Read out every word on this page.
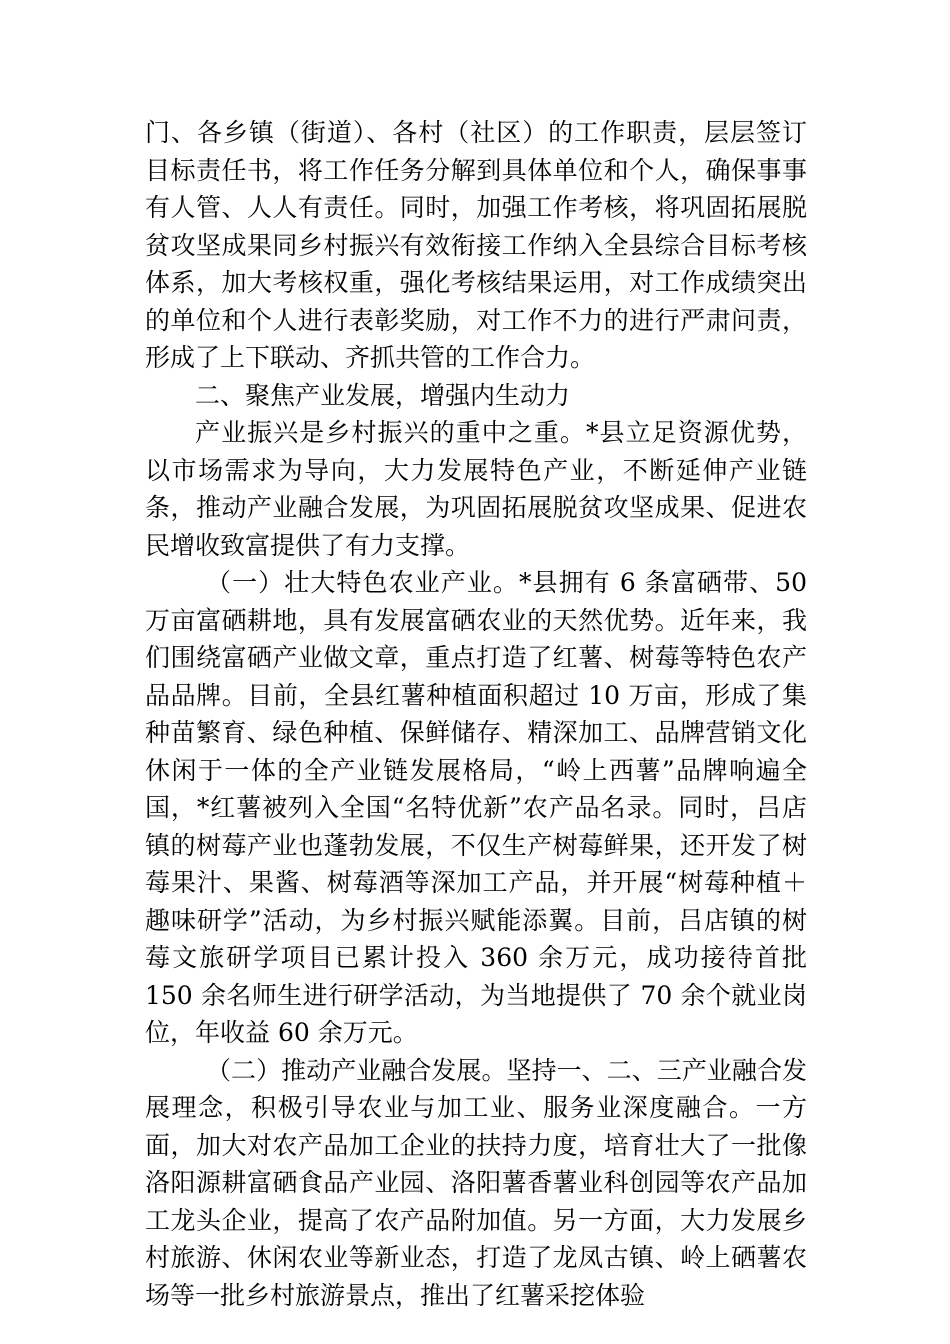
门、各乡镇（街道）、各村（社区）的工作职责，层层签订目标责任书，将工作任务分解到具体单位和个人，确保事事有人管、人人有责任。同时，加强工作考核，将巩固拓展脱贫攻坚成果同乡村振兴有效衔接工作纳入全县综合目标考核体系，加大考核权重，强化考核结果运用，对工作成绩突出的单位和个人进行表彰奖励，对工作不力的进行严肃问责，形成了上下联动、齐抓共管的工作合力。

二、聚焦产业发展，增强内生动力

产业振兴是乡村振兴的重中之重。*县立足资源优势，以市场需求为导向，大力发展特色产业，不断延伸产业链条，推动产业融合发展，为巩固拓展脱贫攻坚成果、促进农民增收致富提供了有力支撑。

（一）壮大特色农业产业。*县拥有 6 条富硒带、50 万亩富硒耕地，具有发展富硒农业的天然优势。近年来，我们围绕富硒产业做文章，重点打造了红薯、树莓等特色农产品品牌。目前，全县红薯种植面积超过 10 万亩，形成了集种苗繁育、绿色种植、保鲜储存、精深加工、品牌营销文化休闲于一体的全产业链发展格局，“岭上西薯”品牌响遍全国，*红薯被列入全国“名特优新”农产品名录。同时，吕店镇的树莓产业也蓬勃发展，不仅生产树莓鲜果，还开发了树莓果汁、果酱、树莓酒等深加工产品，并开展“树莓种植＋趣味研学”活动，为乡村振兴赋能添翼。目前，吕店镇的树莓文旅研学项目已累计投入 360 余万元，成功接待首批 150 余名师生进行研学活动，为当地提供了 70 余个就业岗位，年收益 60 余万元。

（二）推动产业融合发展。坚持一、二、三产业融合发展理念，积极引导农业与加工业、服务业深度融合。一方面，加大对农产品加工企业的扶持力度，培育壮大了一批像洛阳源耕富硒食品产业园、洛阳薯香薯业科创园等农产品加工龙头企业，提高了农产品附加值。另一方面，大力发展乡村旅游、休闲农业等新业态，打造了龙凤古镇、岭上硒薯农场等一批乡村旅游景点，推出了红薯采挖体验
